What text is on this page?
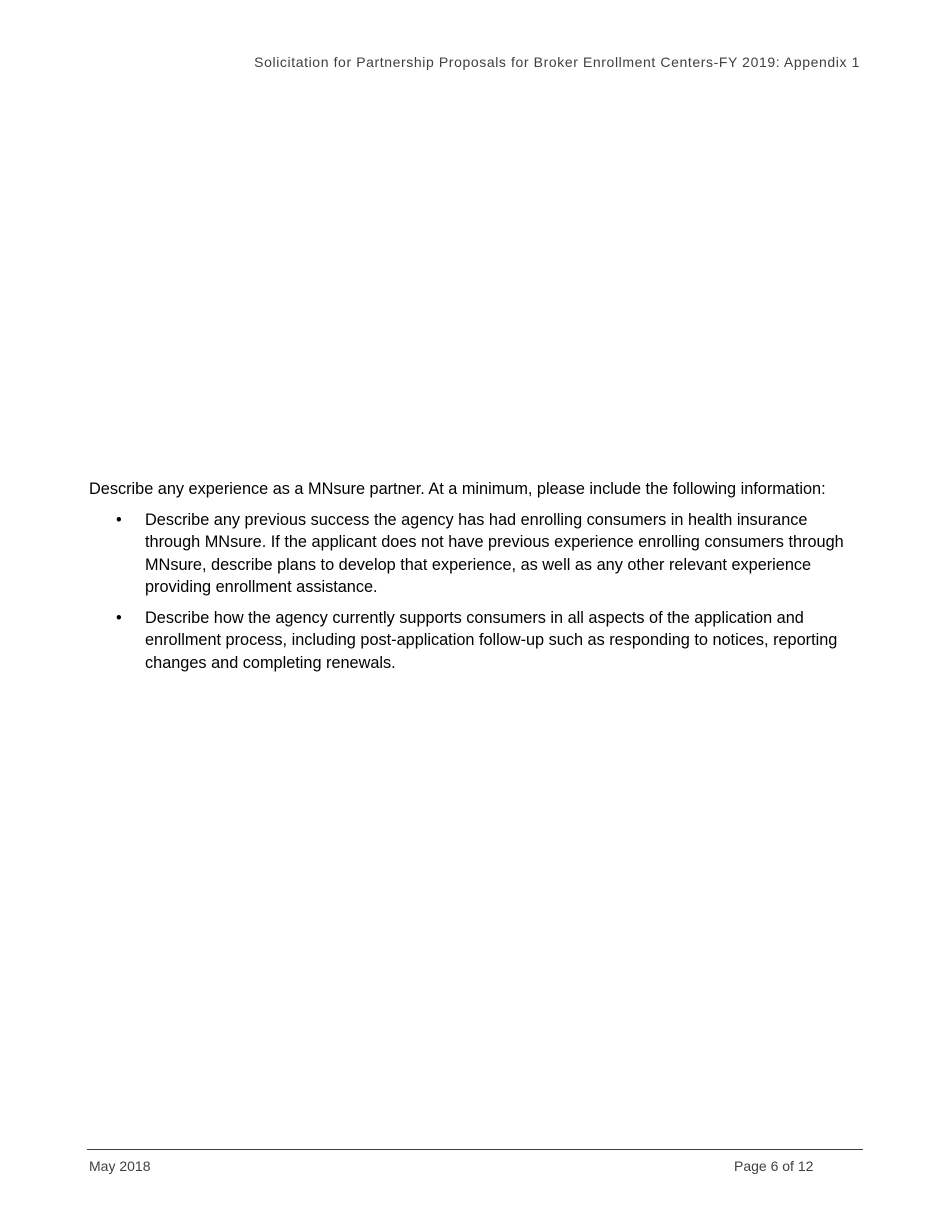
Solicitation for Partnership Proposals for Broker Enrollment Centers-FY 2019: Appendix 1

Describe any experience as a MNsure partner. At a minimum, please include the following information:

• Describe any previous success the agency has had enrolling consumers in health insurance through MNsure. If the applicant does not have previous experience enrolling consumers through MNsure, describe plans to develop that experience, as well as any other relevant experience providing enrollment assistance.
• Describe how the agency currently supports consumers in all aspects of the application and enrollment process, including post-application follow-up such as responding to notices, reporting changes and completing renewals.
May 2018	Page 6 of 12
